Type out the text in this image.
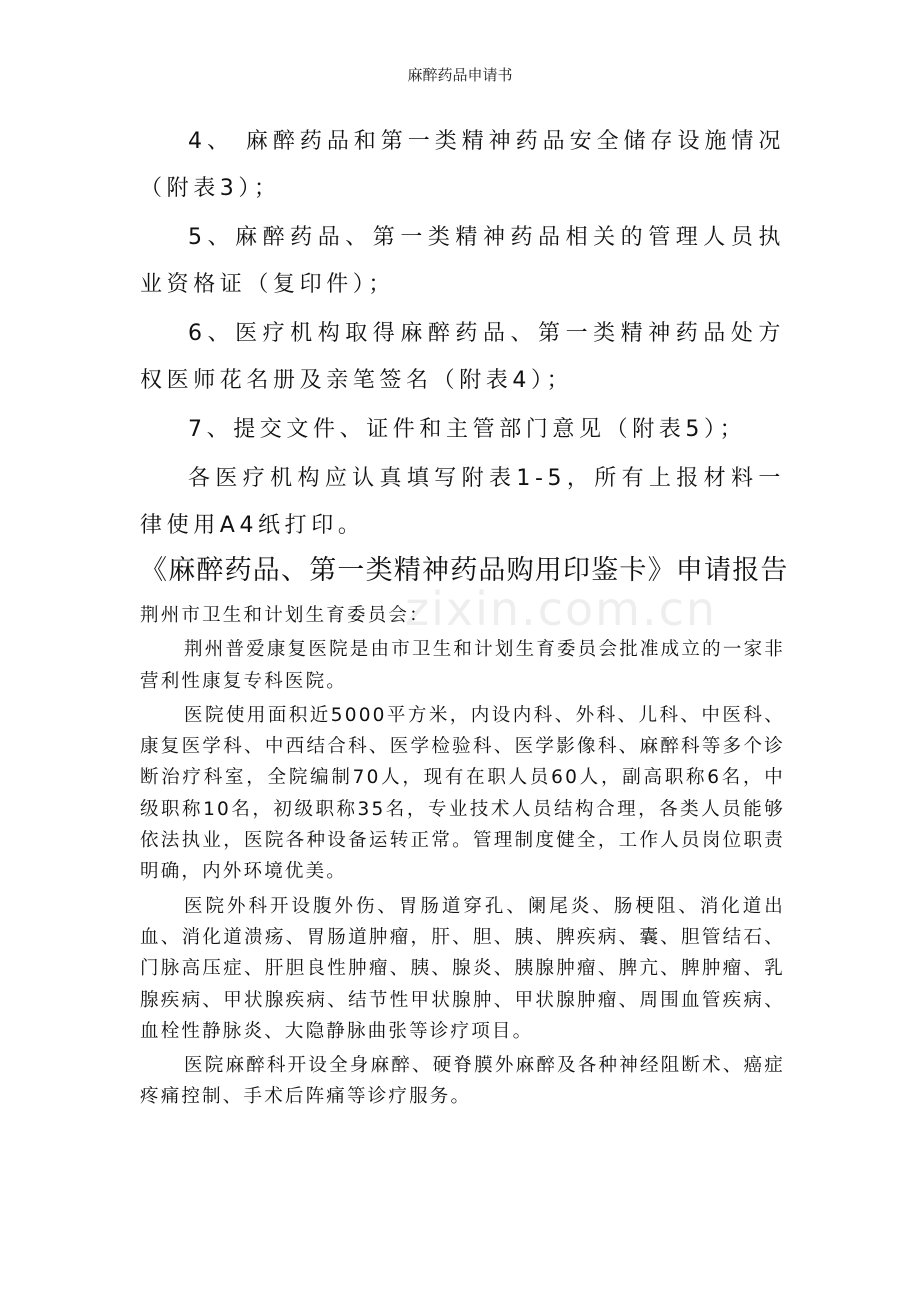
麻醉药品申请书

4、 麻醉药品和第一类精神药品安全储存设施情况（附表3）；

5、麻醉药品、第一类精神药品相关的管理人员执业资格证（复印件）；

6、医疗机构取得麻醉药品、第一类精神药品处方权医师花名册及亲笔签名（附表4）；

7、提交文件、证件和主管部门意见（附表5）；

各医疗机构应认真填写附表1-5，所有上报材料一律使用A4纸打印。

《麻醉药品、第一类精神药品购用印鉴卡》申请报告
zixin.com.cn

荆州市卫生和计划生育委员会：

荆州普爱康复医院是由市卫生和计划生育委员会批准成立的一家非营利性康复专科医院。

医院使用面积近5000平方米，内设内科、外科、儿科、中医科、康复医学科、中西结合科、医学检验科、医学影像科、麻醉科等多个诊断治疗科室，全院编制70人，现有在职人员60人，副高职称6名，中级职称10名，初级职称35名，专业技术人员结构合理，各类人员能够依法执业，医院各种设备运转正常。管理制度健全，工作人员岗位职责明确，内外环境优美。

医院外科开设腹外伤、胃肠道穿孔、阑尾炎、肠梗阻、消化道出血、消化道溃疡、胃肠道肿瘤，肝、胆、胰、脾疾病、囊、胆管结石、门脉高压症、肝胆良性肿瘤、胰、腺炎、胰腺肿瘤、脾亢、脾肿瘤、乳腺疾病、甲状腺疾病、结节性甲状腺肿、甲状腺肿瘤、周围血管疾病、血栓性静脉炎、大隐静脉曲张等诊疗项目。

医院麻醉科开设全身麻醉、硬脊膜外麻醉及各种神经阻断术、癌症疼痛控制、手术后阵痛等诊疗服务。
